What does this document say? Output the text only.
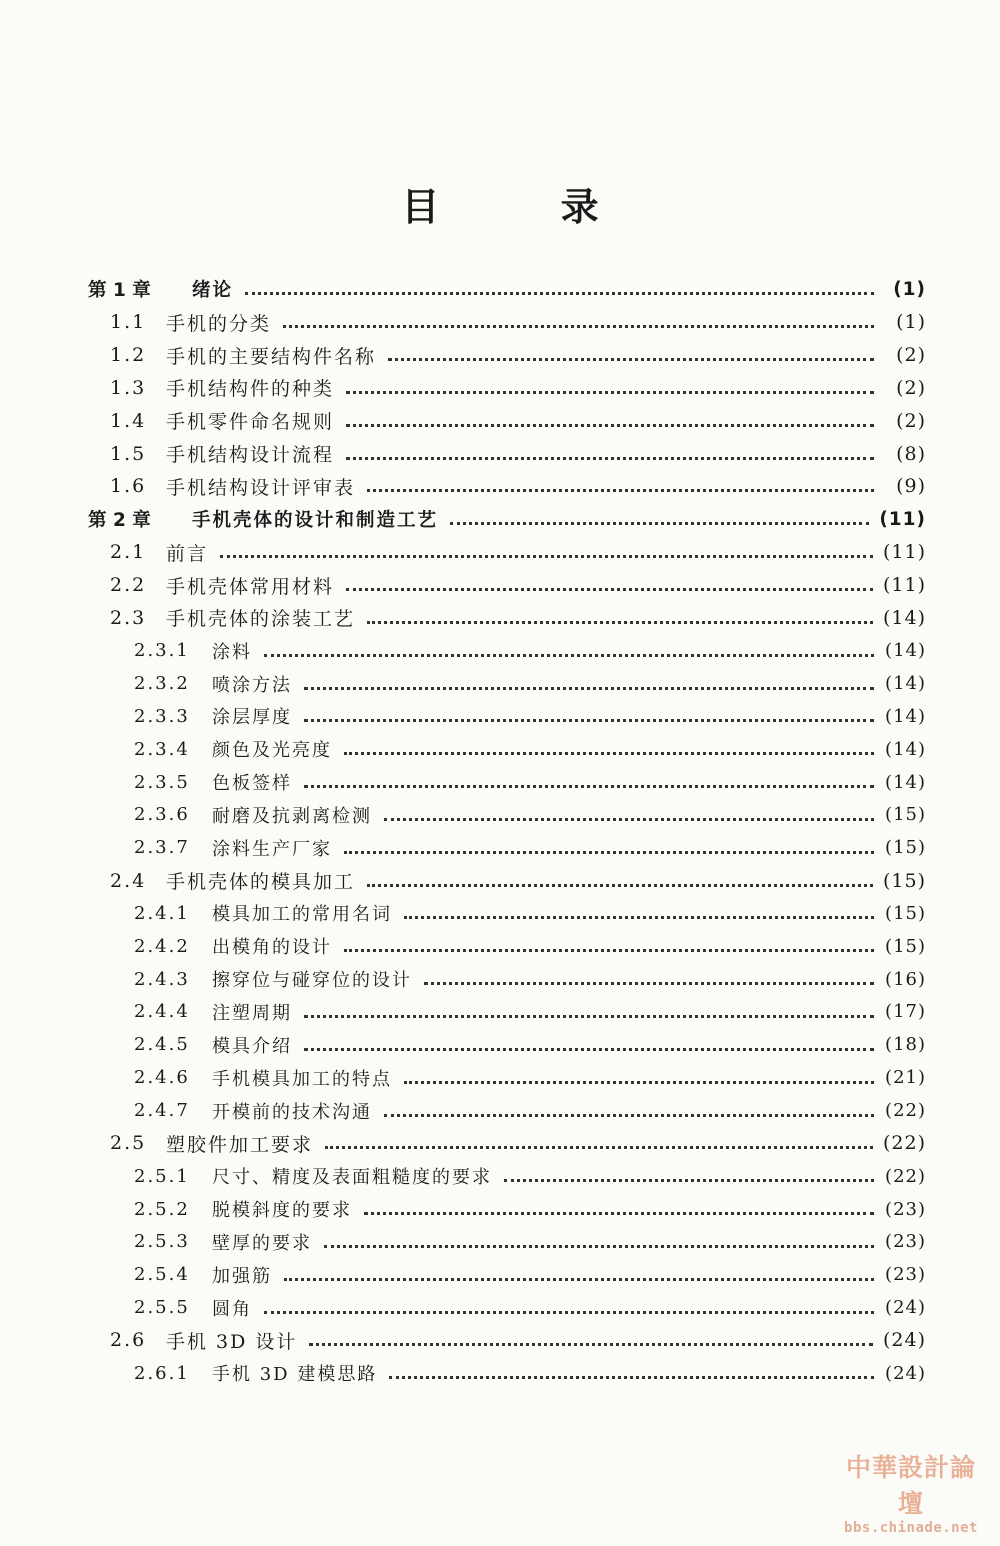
目 录
第 1 章	绪论	(1)
1.1	手机的分类	(1)
1.2	手机的主要结构件名称	(2)
1.3	手机结构件的种类	(2)
1.4	手机零件命名规则	(2)
1.5	手机结构设计流程	(8)
1.6	手机结构设计评审表	(9)
第 2 章	手机壳体的设计和制造工艺	(11)
2.1	前言	(11)
2.2	手机壳体常用材料	(11)
2.3	手机壳体的涂装工艺	(14)
2.3.1	涂料	(14)
2.3.2	喷涂方法	(14)
2.3.3	涂层厚度	(14)
2.3.4	颜色及光亮度	(14)
2.3.5	色板签样	(14)
2.3.6	耐磨及抗剥离检测	(15)
2.3.7	涂料生产厂家	(15)
2.4	手机壳体的模具加工	(15)
2.4.1	模具加工的常用名词	(15)
2.4.2	出模角的设计	(15)
2.4.3	擦穿位与碰穿位的设计	(16)
2.4.4	注塑周期	(17)
2.4.5	模具介绍	(18)
2.4.6	手机模具加工的特点	(21)
2.4.7	开模前的技术沟通	(22)
2.5	塑胶件加工要求	(22)
2.5.1	尺寸、精度及表面粗糙度的要求	(22)
2.5.2	脱模斜度的要求	(23)
2.5.3	壁厚的要求	(23)
2.5.4	加强筋	(23)
2.5.5	圆角	(24)
2.6	手机 3D 设计	(24)
2.6.1	手机 3D 建模思路	(24)
中華設計論壇
bbs.chinade.net
